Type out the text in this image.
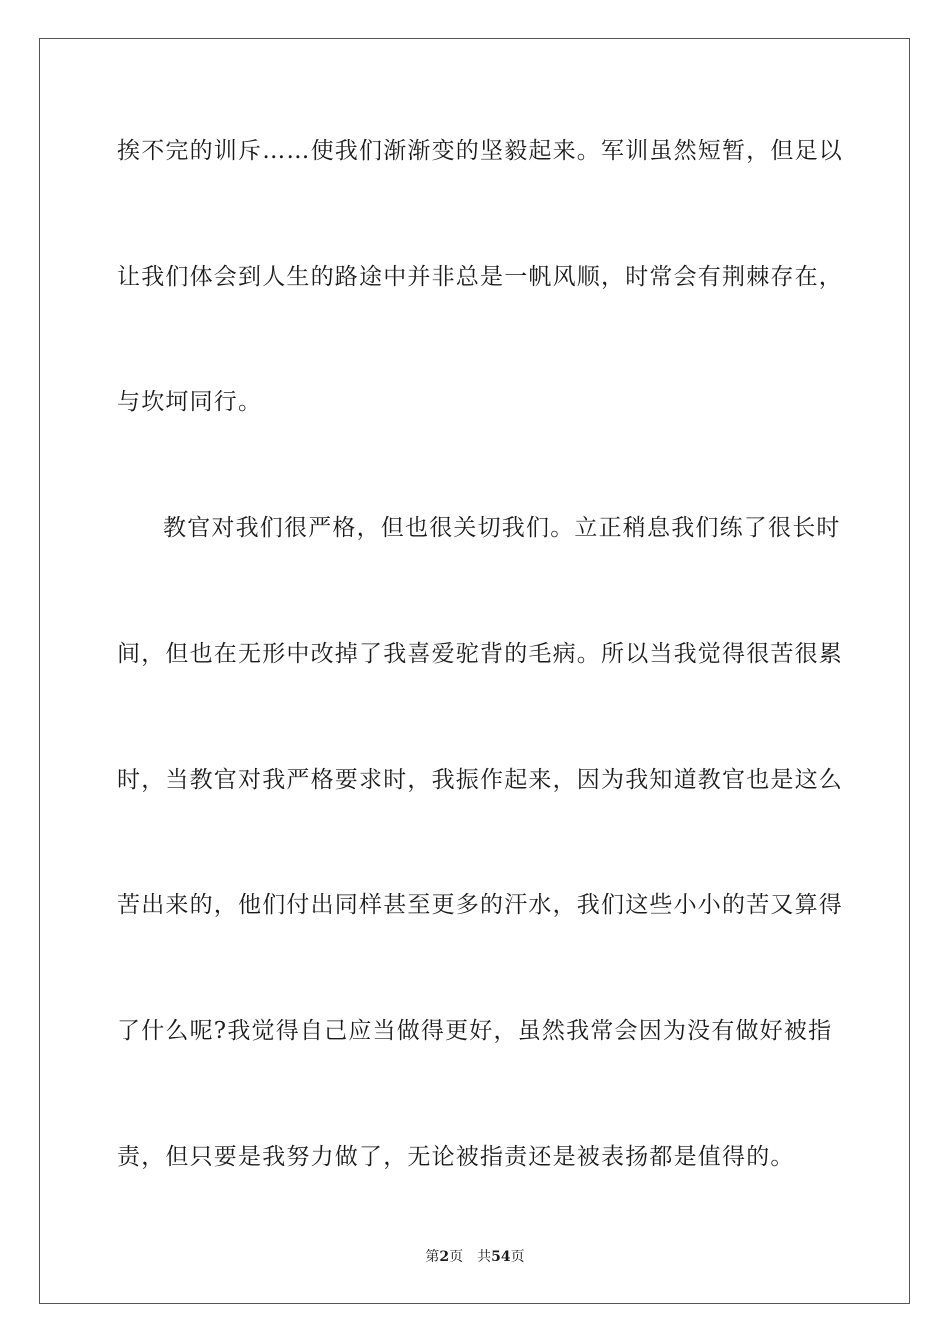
挨不完的训斥……使我们渐渐变的坚毅起来。军训虽然短暂，但足以
让我们体会到人生的路途中并非总是一帆风顺，时常会有荆棘存在，
与坎坷同行。
教官对我们很严格，但也很关切我们。立正稍息我们练了很长时
间，但也在无形中改掉了我喜爱驼背的毛病。所以当我觉得很苦很累
时，当教官对我严格要求时，我振作起来，因为我知道教官也是这么
苦出来的，他们付出同样甚至更多的汗水，我们这些小小的苦又算得
了什么呢?我觉得自己应当做得更好，虽然我常会因为没有做好被指
责，但只要是我努力做了，无论被指责还是被表扬都是值得的。
第2页 共54页
